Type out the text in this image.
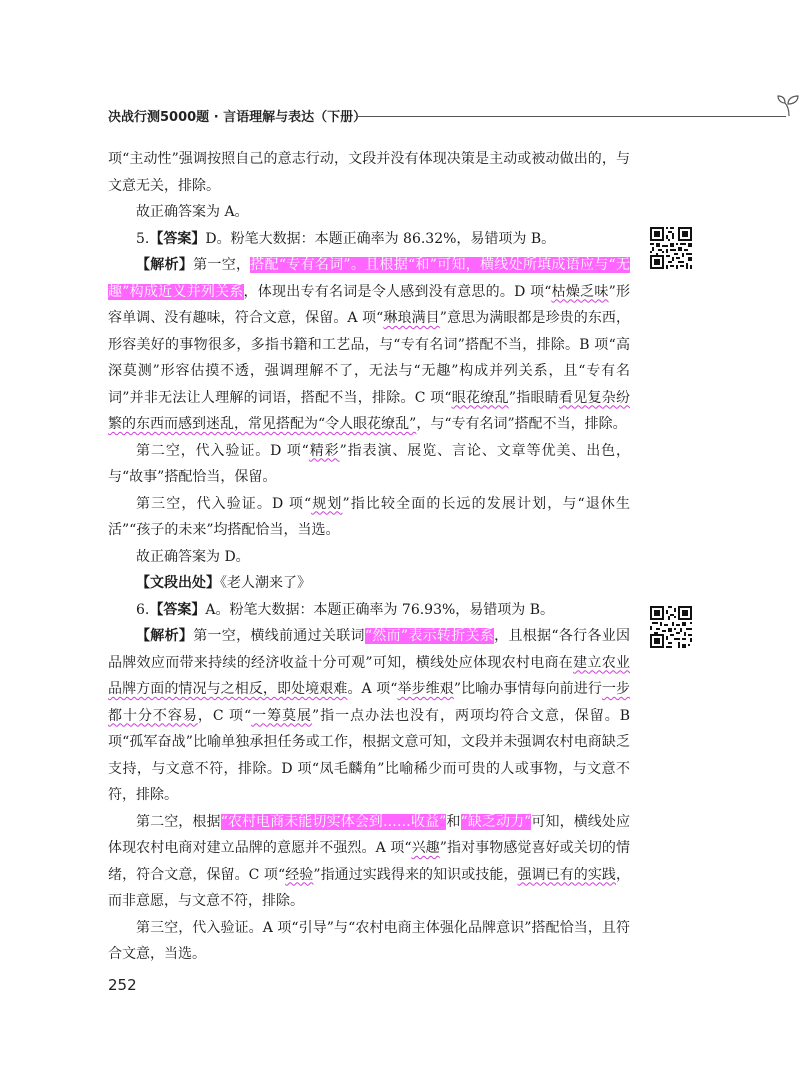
决战行测5000题 · 言语理解与表达（下册）

项“主动性”强调按照自己的意志行动，文段并没有体现决策是主动或被动做出的，与文意无关，排除。

故正确答案为 A。

5.【答案】D。粉笔大数据：本题正确率为 86.32%，易错项为 B。

【解析】第一空，搭配“专有名词”。且根据“和”可知，横线处所填成语应与“无趣”构成近义并列关系，体现出专有名词是令人感到没有意思的。D 项“枯燥乏味”形容单调、没有趣味，符合文意，保留。A 项“琳琅满目”意思为满眼都是珍贵的东西，形容美好的事物很多，多指书籍和工艺品，与“专有名词”搭配不当，排除。B 项“高深莫测”形容估摸不透，强调理解不了，无法与“无趣”构成并列关系，且“专有名词”并非无法让人理解的词语，搭配不当，排除。C 项“眼花缭乱”指眼睛看见复杂纷繁的东西而感到迷乱，常见搭配为“令人眼花缭乱”，与“专有名词”搭配不当，排除。

第二空，代入验证。D 项“精彩”指表演、展览、言论、文章等优美、出色，与“故事”搭配恰当，保留。

第三空，代入验证。D 项“规划”指比较全面的长远的发展计划，与“退休生活”“孩子的未来”均搭配恰当，当选。

故正确答案为 D。

【文段出处】《老人潮来了》

6.【答案】A。粉笔大数据：本题正确率为 76.93%，易错项为 B。

【解析】第一空，横线前通过关联词“然而”表示转折关系，且根据“各行各业因品牌效应而带来持续的经济收益十分可观”可知，横线处应体现农村电商在建立农业品牌方面的情况与之相反，即处境艰难。A 项“举步维艰”比喻办事情每向前进行一步都十分不容易，C 项“一筹莫展”指一点办法也没有，两项均符合文意，保留。B 项“孤军奋战”比喻单独承担任务或工作，根据文意可知，文段并未强调农村电商缺乏支持，与文意不符，排除。D 项“凤毛麟角”比喻稀少而可贵的人或事物，与文意不符，排除。

第二空，根据“农村电商未能切实体会到……收益”和“缺乏动力”可知，横线处应体现农村电商对建立品牌的意愿并不强烈。A 项“兴趣”指对事物感觉喜好或关切的情绪，符合文意，保留。C 项“经验”指通过实践得来的知识或技能，强调已有的实践，而非意愿，与文意不符，排除。

第三空，代入验证。A 项“引导”与“农村电商主体强化品牌意识”搭配恰当，且符合文意，当选。

252
